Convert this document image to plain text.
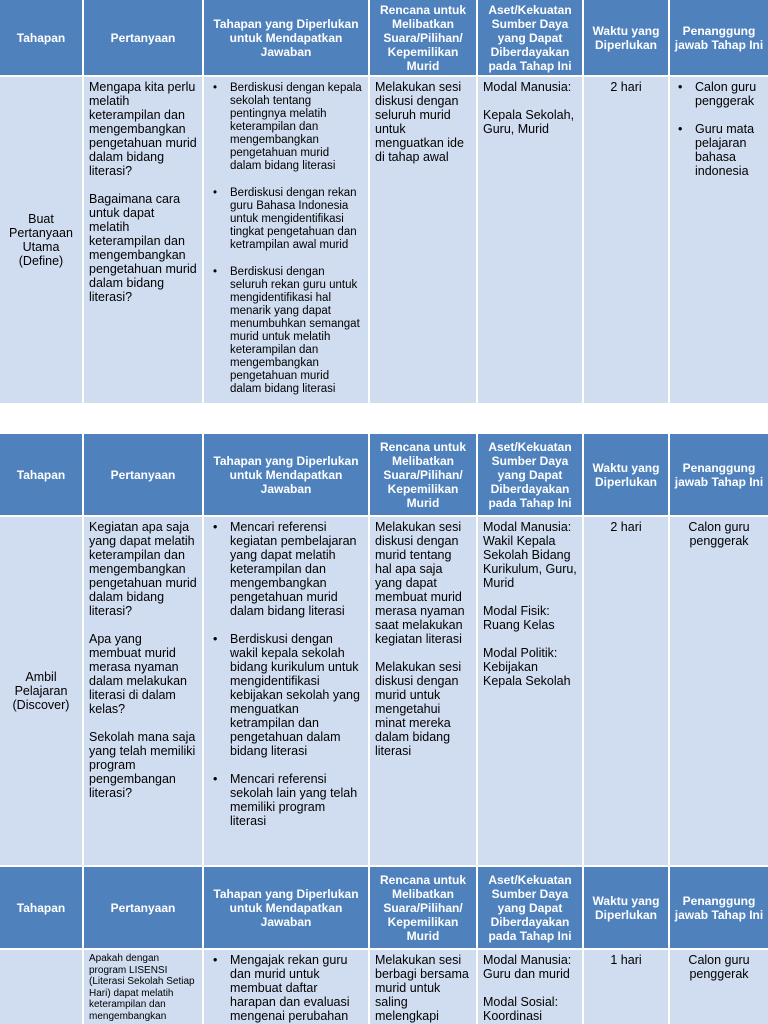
Tahapan	Pertanyaan
Tahapan yang Diperlukan untuk Mendapatkan Jawaban
Rencana untuk Melibatkan Suara/Pilihan/ Kepemilikan Murid
Aset/Kekuatan Sumber Daya yang Dapat Diberdayakan pada Tahap Ini
Waktu yang Diperlukan
Penanggung jawab Tahap Ini
Buat Pertanyaan Utama (Define)

Mengapa kita perlu melatih keterampilan dan mengembangkan pengetahuan murid dalam bidang literasi?

Bagaimana cara untuk dapat melatih keterampilan dan mengembangkan pengetahuan murid dalam bidang literasi?

• Berdiskusi dengan kepala sekolah tentang pentingnya melatih keterampilan dan mengembangkan pengetahuan murid dalam bidang literasi
• Berdiskusi dengan rekan guru Bahasa Indonesia untuk mengidentifikasi tingkat pengetahuan dan ketrampilan awal murid
• Berdiskusi dengan seluruh rekan guru untuk mengidentifikasi hal menarik yang dapat menumbuhkan semangat murid untuk melatih keterampilan dan mengembangkan pengetahuan murid dalam bidang literasi

Melakukan sesi diskusi dengan seluruh murid untuk menguatkan ide di tahap awal

Modal Manusia:

Kepala Sekolah, Guru, Murid

2 hari
•	Calon guru penggerak
• Guru mata pelajaran bahasa indonesia
Tahapan	Pertanyaan
Tahapan yang Diperlukan untuk Mendapatkan Jawaban
Rencana untuk Melibatkan Suara/Pilihan/ Kepemilikan Murid
Aset/Kekuatan Sumber Daya yang Dapat Diberdayakan pada Tahap Ini
Waktu yang Diperlukan
Penanggung jawab Tahap Ini
Ambil Pelajaran (Discover)

Kegiatan apa saja yang dapat melatih keterampilan dan mengembangkan pengetahuan murid dalam bidang literasi?

Apa yang membuat murid merasa nyaman dalam melakukan literasi di dalam kelas?

Sekolah mana saja yang telah memiliki program pengembangan literasi?

• Mencari referensi kegiatan pembelajaran yang dapat melatih keterampilan dan mengembangkan pengetahuan murid dalam bidang literasi
• Berdiskusi dengan wakil kepala sekolah bidang kurikulum untuk mengidentifikasi kebijakan sekolah yang menguatkan ketrampilan dan pengetahuan dalam bidang literasi
• Mencari referensi sekolah lain yang telah memiliki program literasi

Melakukan sesi diskusi dengan murid tentang hal apa saja yang dapat membuat murid merasa nyaman saat melakukan kegiatan literasi

Melakukan sesi diskusi dengan murid untuk mengetahui minat mereka dalam bidang literasi

Modal Manusia: Wakil Kepala Sekolah Bidang Kurikulum, Guru, Murid

Modal Fisik: Ruang Kelas

Modal Politik: Kebijakan Kepala Sekolah

2 hari	Calon guru penggerak
Tahapan	Pertanyaan
Tahapan yang Diperlukan untuk Mendapatkan Jawaban
Rencana untuk Melibatkan Suara/Pilihan/ Kepemilikan Murid
Aset/Kekuatan Sumber Daya yang Dapat Diberdayakan pada Tahap Ini
Waktu yang Diperlukan
Penanggung jawab Tahap Ini
Apakah dengan program LISENSI (Literasi Sekolah Setiap Hari) dapat melatih keterampilan dan mengembangkan
• Mengajak rekan guru dan murid untuk membuat daftar harapan dan evaluasi mengenai perubahan
Melakukan sesi berbagi bersama murid untuk saling melengkapi

Modal Manusia: Guru dan murid

Modal Sosial: Koordinasi

1 hari	Calon guru penggerak
